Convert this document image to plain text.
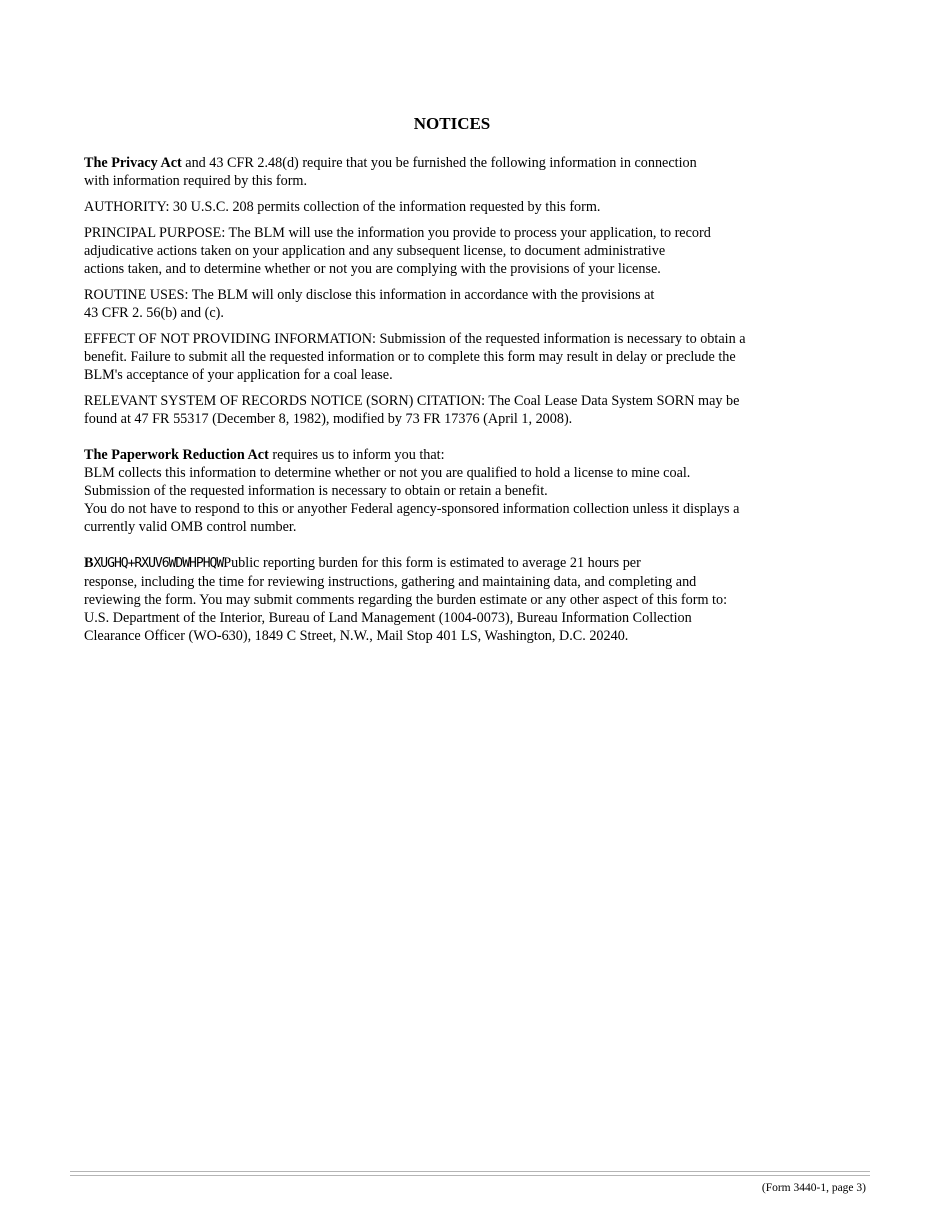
NOTICES

The Privacy Act and 43 CFR 2.48(d) require that you be furnished the following information in connection
with information required by this form.

AUTHORITY: 30 U.S.C. 208 permits collection of the information requested by this form.

PRINCIPAL PURPOSE: The BLM will use the information you provide to process your application, to record
adjudicative actions taken on your application and any subsequent license, to document administrative
actions taken, and to determine whether or not you are complying with the provisions of your license.

ROUTINE USES: The BLM will only disclose this information in accordance with the provisions at
43 CFR 2. 56(b) and (c).

EFFECT OF NOT PROVIDING INFORMATION: Submission of the requested information is necessary to obtain a
benefit. Failure to submit all the requested information or to complete this form may result in delay or preclude the
BLM's acceptance of your application for a coal lease.

RELEVANT SYSTEM OF RECORDS NOTICE (SORN) CITATION: The Coal Lease Data System SORN may be
found at 47 FR 55317 (December 8, 1982), modified by 73 FR 17376 (April 1, 2008).

The Paperwork Reduction Act requires us to inform you that:
BLM collects this information to determine whether or not you are qualified to hold a license to mine coal.
Submission of the requested information is necessary to obtain or retain a benefit.
You do not have to respond to this or anyother Federal agency-sponsored information collection unless it displays a
currently valid OMB control number.

BXUGHQ+RXUV6WDWHPHQWPublic reporting burden for this form is estimated to average 21 hours per
response, including the time for reviewing instructions, gathering and maintaining data, and completing and
reviewing the form. You may submit comments regarding the burden estimate or any other aspect of this form to:
U.S. Department of the Interior, Bureau of Land Management (1004-0073), Bureau Information Collection
Clearance Officer (WO-630), 1849 C Street, N.W., Mail Stop 401 LS, Washington, D.C. 20240.

(Form 3440-1, page 3)
